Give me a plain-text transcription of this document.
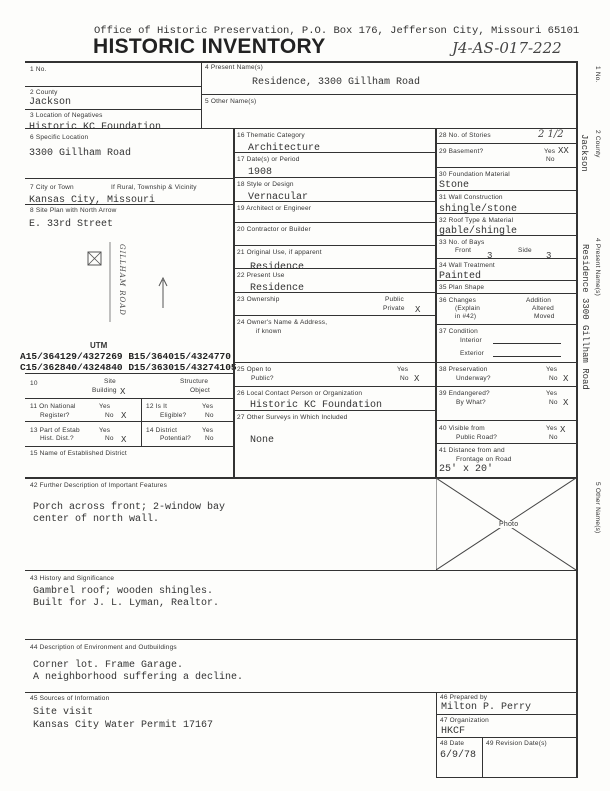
Office of Historic Preservation, P.O. Box 176, Jefferson City, Missouri 65101
HISTORIC INVENTORY	J4-AS-017-222
1 No.
2 County
Jackson
3 Location of Negatives
Historic KC Foundation
4 Present Name(s)
Residence, 3300 Gillham Road
5 Other Name(s)
6 Specific Location
3300 Gillham Road
7 City or Town	If Rural, Township & Vicinity
Kansas City, Missouri
8 Site Plan with North Arrow
E. 33rd Street
GILLHAM ROAD
UTM
A15/364129/4327269 B15/364015/4324770
C15/362840/4324840 D15/363015/43274105
10	Site
Building X
Structure
Object
11 On National
Register?
Yes
No X
12 Is It
Eligible?
Yes
No
13 Part of Estab
Hist. Dist.?
Yes
No X
14 District
Potential?
Yes
No
15 Name of Established District
16 Thematic Category
Architecture
17 Date(s) or Period
1908
18 Style or Design
Vernacular
19 Architect or Engineer
20 Contractor or Builder
21 Original Use, if apparent
Residence
22 Present Use
Residence
23 Ownership	Public
Private X
24 Owner's Name & Address,
if known
25 Open to
Public?
Yes
No X
26 Local Contact Person or Organization
Historic KC Foundation
27 Other Surveys in Which Included
None
28 No. of Stories	2 1/2
29 Basement?	Yes
No
XX
30 Foundation Material
Stone
31 Wall Construction
shingle/stone
32 Roof Type & Material
gable/shingle
33 No. of Bays
Front
3
Side
3
34 Wall Treatment
Painted
35 Plan Shape
36 Changes
(Explain
in #42)
Addition
Altered
Moved
37 Condition
Interior
Exterior
38 Preservation
Underway?
Yes
No X
39 Endangered?
By What?
Yes
No X
40 Visible from
Public Road?
Yes
No
X
41 Distance from and
Frontage on Road
25' x 20'
Photo
42 Further Description of Important Features
Porch across front; 2-window bay
center of north wall.
43 History and Significance
Gambrel roof; wooden shingles.
Built for J. L. Lyman, Realtor.
44 Description of Environment and Outbuildings
Corner lot. Frame Garage.
A neighborhood suffering a decline.
45 Sources of Information
Site visit
Kansas City Water Permit 17167
46 Prepared by
Milton P. Perry
47 Organization
HKCF
48 Date
6/9/78
49 Revision Date(s)
1 No.
2 County
Jackson
4 Present Name(s)
Residence 3300 Gillham Road
5 Other Name(s)
